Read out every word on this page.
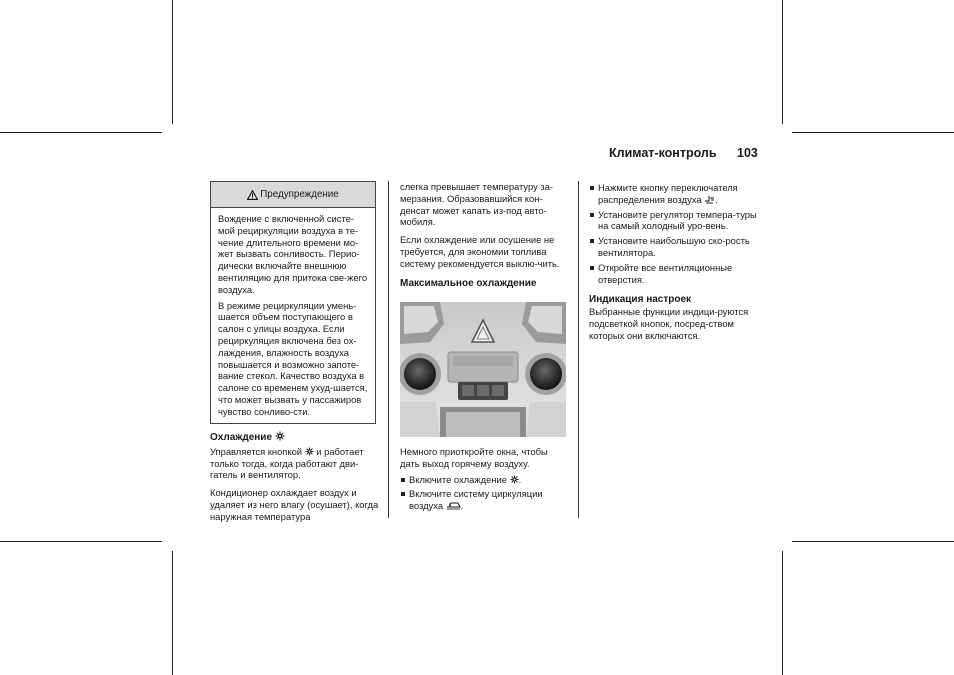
Климат-контроль 103
Предупреждение

Вождение с включенной систе-мой рециркуляции воздуха в те-чение длительного времени мо-жет вызвать сонливость. Перио-дически включайте внешнюю вентиляцию для притока све-жего воздуха.

В режиме рециркуляции умень-шается объем поступающего в салон с улицы воздуха. Если рециркуляция включена без ох-лаждения, влажность воздуха повышается и возможно запоте-вание стекол. Качество воздуха в салоне со временем ухуд-шается, что может вызвать у пассажиров чувство сонливо-сти.

Охлаждение

Управляется кнопкой и работает только тогда, когда работают дви-гатель и вентилятор.

Кондиционер охлаждает воздух и удаляет из него влагу (осушает), когда наружная температура

слегка превышает температуру за-мерзания. Образовавшийся кон-денсат может капать из-под авто-мобиля.

Если охлаждение или осушение не требуется, для экономии топлива систему рекомендуется выклю-чить.

Максимальное охлаждение

Немного приоткройте окна, чтобы дать выход горячему воздуху.

Включите охлаждение .
Включите систему циркуляции воздуха .
Нажмите кнопку переключателя распределения воздуха .
Установите регулятор темпера-туры на самый холодный уро-вень.
Установите наибольшую ско-рость вентилятора.
Откройте все вентиляционные отверстия.
Индикация настроек

Выбранные функции индици-руются подсветкой кнопок, посред-ством которых они включаются.
